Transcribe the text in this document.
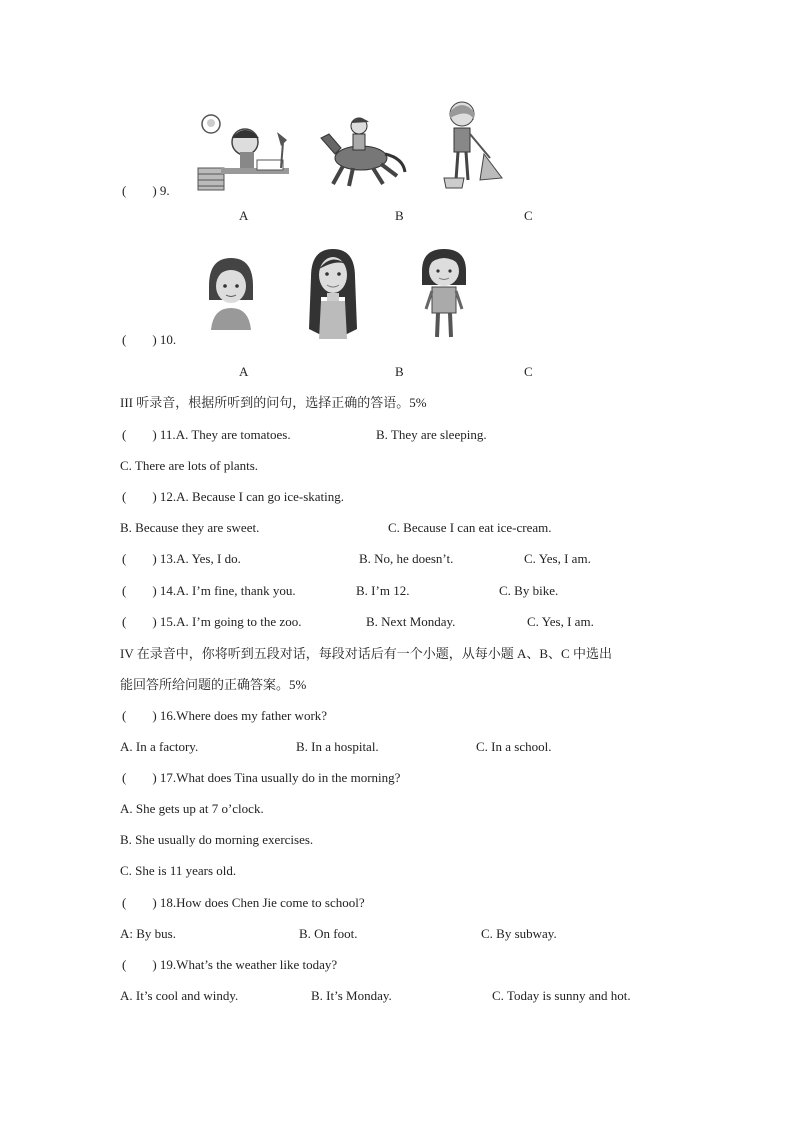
(　　) 9.
A	B	C
(　　) 10.
A	B	C
III 听录音，根据所听到的问句，选择正确的答语。5%
(　　) 11.A. They are tomatoes.	B. They are sleeping.
C. There are lots of plants.
(　　) 12.A. Because I can go ice-skating.
B. Because they are sweet.	C. Because I can eat ice-cream.
(　　) 13.A. Yes, I do.	B. No, he doesn’t.	C. Yes, I am.
(　　) 14.A. I’m fine, thank you.	B. I’m 12.	C. By bike.
(　　) 15.A. I’m going to the zoo.	B. Next Monday.	C. Yes, I am.
IV 在录音中，你将听到五段对话，每段对话后有一个小题，从每小题 A、B、C 中选出
能回答所给问题的正确答案。5%
(　　) 16.Where does my father work?
A. In a factory.	B. In a hospital.	C. In a school.
(　　) 17.What does Tina usually do in the morning?
A. She gets up at 7 o’clock.
B. She usually do morning exercises.
C. She is 11 years old.
(　　) 18.How does Chen Jie come to school?
A: By bus.	B. On foot.	C. By subway.
(　　) 19.What’s the weather like today?
A. It’s cool and windy.	B. It’s Monday.	C. Today is sunny and hot.
